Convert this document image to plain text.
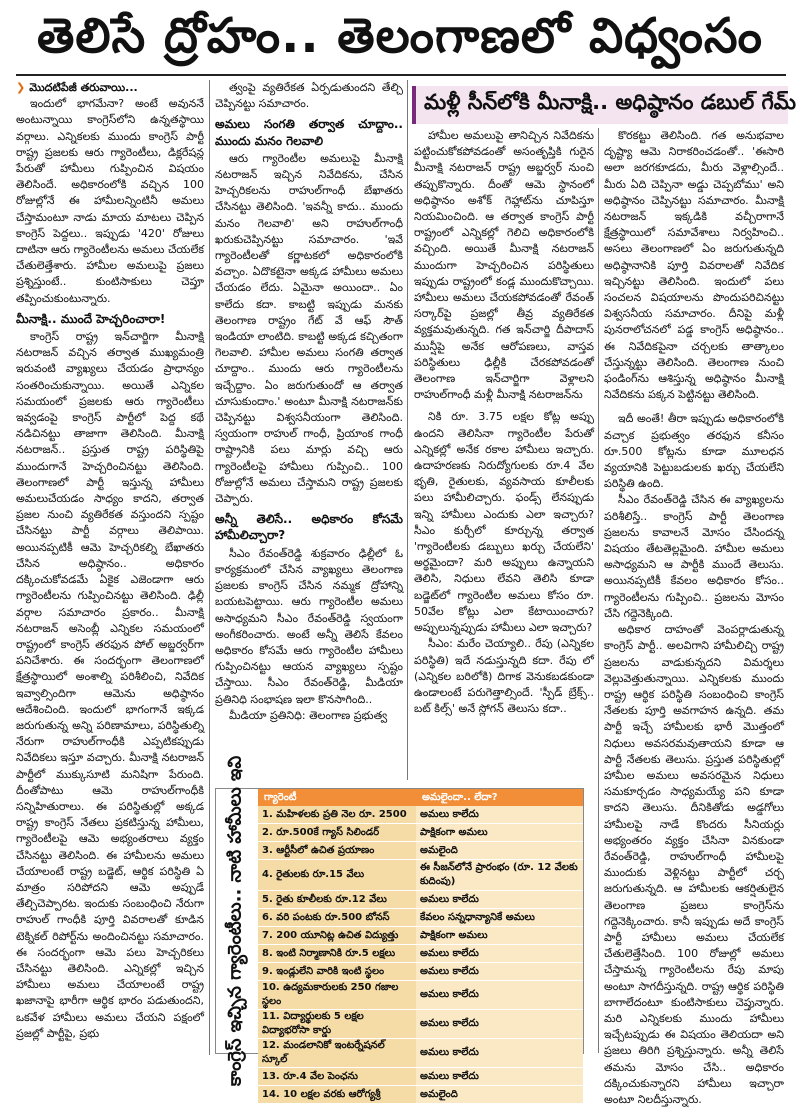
తెలిసే ద్రోహం.. తెలంగాణలో విధ్వంసం
❯ మొదటిపేజీ తరువాయి...

ఇందులో భాగమేనా? అంటే అవుననే అంటున్నాయి కాంగ్రెస్‌లోని ఉన్నతస్థాయి వర్గాలు. ఎన్నికలకు ముందు కాంగ్రెస్ పార్టీ రాష్ట్ర ప్రజలకు ఆరు గ్యారెంటీలు, డిక్లరేషన్ల పేరుతో హామీలు గుప్పించిన విషయం తెలిసిందే. అధికారంలోకి వచ్చిన 100 రోజుల్లోనే ఈ హామీలన్నింటినీ అమలు చేస్తామంటూ నాడు మాయ మాటలు చెప్పిన కాంగ్రెస్ పెద్దలు.. ఇప్పుడు '420' రోజులు దాటినా ఆరు గ్యారెంటీలను అమలు చేయలేక చేతులెత్తేశారు. హామీల అమలుపై ప్రజలు ప్రశ్నిస్తుంటే.. కుంటిసాకులు చెప్తూ తప్పించుకుంటున్నారు.

మీనాక్షి.. ముందే హెచ్చరించారా!

కాంగ్రెస్ రాష్ట్ర ఇన్‌చార్జిగా మీనాక్షి నటరాజన్ వచ్చిన తర్వాత ముఖ్యమంత్రి ఇరువంటి వ్యాఖ్యలు చేయడం ప్రాధాన్యం సంతరించుకున్నాయి. అయితే ఎన్నికల సమయంలో ప్రజలకు ఆరు గ్యారెంటీలు ఇవ్వడంపై కాంగ్రెస్ పార్టీలో పెద్ద కథే నడిచినట్టు తాజాగా తెలిసింది. మీనాక్షి నటరాజన్.. ప్రస్తుత రాష్ట్ర పరిస్థితిపై ముందుగానే హెచ్చరించినట్టు తెలిసింది. తెలంగాణలో పార్టీ ఇస్తున్న హామీలు అమలుచేయడం సాధ్యం కాదని, తర్వాత ప్రజల నుంచి వ్యతిరేకత వస్తుందని స్పష్టం చేసినట్టు పార్టీ వర్గాలు తెలిపాయి. అయినప్పటికీ ఆమె హెచ్చరికల్ని బేఖాతరు చేసిన అధిష్ఠానం.. అధికారం దక్కించుకోవడమే ఏకైక ఎజెండాగా ఆరు గ్యారెంటీలను గుప్పించినట్టు తెలిసింది. ఢిల్లీ వర్గాల సమాచారం ప్రకారం.. మీనాక్షి నటరాజన్ అసెంబ్లీ ఎన్నికల సమయంలో రాష్ట్రంలో కాంగ్రెస్ తరఫున పోల్ అబ్జర్వర్‌గా పనిచేశారు. ఈ సందర్భంగా తెలంగాణలో క్షేత్రస్థాయిలో అంశాల్ని పరిశీలించి, నివేదిక ఇవ్వాల్సిందిగా ఆమెను అధిష్ఠానం ఆదేశించింది. ఇందులో భాగంగానే ఇక్కడ జరుగుతున్న అన్ని పరిణామాలు, పరిస్థితుల్ని నేరుగా రాహుల్‌గాంధీకి ఎప్పటికప్పుడు నివేదికలు ఇస్తూ వచ్చారు. మీనాక్షి నటరాజన్ పార్టీలో ముక్కుసూటి మనిషిగా పేరుంది. దీంతోపాటు ఆమె రాహుల్‌గాంధీకి సన్నిహితురాలు. ఈ పరిస్థితుల్లో అక్కడ రాష్ట్ర కాంగ్రెస్ నేతలు ప్రకటిస్తున్న హామీలు, గ్యారెంటీలపై ఆమె అభ్యంతరాలు వ్యక్తం చేసినట్టు తెలిసింది. ఈ హామీలను అమలు చేయాలంటే రాష్ట్ర బడ్జెట్, ఆర్థిక పరిస్థితి ఏ మాత్రం సరిపోదని ఆమె అప్పుడే తేల్చిచెప్పారట. ఇందుకు సంబంధించి నేరుగా రాహుల్ గాంధీకి పూర్తి వివరాలతో కూడిన టెక్నికల్ రిపోర్ట్‌ను అందించినట్టు సమాచారం. ఈ సందర్భంగా ఆమె పలు హెచ్చరికలు చేసినట్టు తెలిసింది. ఎన్నికల్లో ఇచ్చిన హామీలు అమలు చేయాలంటే రాష్ట్ర ఖజానాపై భారీగా ఆర్థిక భారం పడుతుందని, ఒకవేళ హామీలు అమలు చేయని పక్షంలో ప్రజల్లో పార్టీపై, ప్రభు

త్వంపై వ్యతిరేకత ఏర్పడుతుందని తేల్చి చెప్పినట్టు సమాచారం.

అమలు సంగతి తర్వాత చూద్దాం.. ముందు మనం గెలవాలి

ఆరు గ్యారెంటీల అమలుపై మీనాక్షి నటరాజన్ ఇచ్చిన నివేదికను, చేసిన హెచ్చరికలను రాహుల్‌గాంధీ బేఖాతరు చేసినట్టు తెలిసింది. 'ఇవన్నీ కాదు.. ముందు మనం గెలవాలి' అని రాహుల్‌గాంధీ ఖరుకుచెప్పినట్టు సమాచారం. 'ఇవే గ్యారెంటీలతో కర్ణాటకలో అధికారంలోకి వచ్చాం. ఏదొకటైనా అక్కడ హామీలు అమలు చేయడం లేదు. ఏమైనా అయిందా.. ఏం కాలేదు కదా. కాబట్టి ఇప్పుడు మనకు తెలంగాణ రాష్ట్రం గేట్ వే ఆఫ్ సౌత్ ఇండియా లాంటిది. కాబట్టి అక్కడ కచ్చితంగా గెలవాలి. హామీల అమలు సంగతి తర్వాత చూద్దాం.. ముందు ఆరు గ్యారెంటీలను ఇచ్చేద్దాం. ఏం జరుగుతుందో ఆ తర్వాత చూసుకుందాం.' అంటూ మీనాక్షి నటరాజన్‌కు చెప్పినట్టు విశ్వసనీయంగా తెలిసింది. స్వయంగా రాహుల్ గాంధీ, ప్రియాంక గాంధీ రాష్ట్రానికి పలు మార్లు వచ్చి ఆరు గ్యారెంటీలపై హామీలు గుప్పించి.. 100 రోజుల్లోనే అమలు చేస్తామని రాష్ట్ర ప్రజలకు చెప్పారు.

అన్నీ తెలిసే.. అధికారం కోసమే హామీలిచ్చారా?

సీఎం రేవంత్‌రెడ్డి శుక్రవారం ఢిల్లీలో ఓ కార్యక్రమంలో చేసిన వ్యాఖ్యలు తెలంగాణ ప్రజలకు కాంగ్రెస్ చేసిన నమ్మక ద్రోహాన్ని బయటపెట్టాయి. ఆరు గ్యారెంటీల అమలు అసాధ్యమని సీఎం రేవంత్‌రెడ్డి స్వయంగా అంగీకరించారు. అంటే అన్నీ తెలిసే కేవలం అధికారం కోసమే ఆరు గ్యారెంటీల హామీలు గుప్పించినట్టు ఆయన వ్యాఖ్యలు స్పష్టం చేస్తాయి. సీఎం రేవంత్‌రెడ్డి, మీడియా ప్రతినిధి సంభాషణ ఇలా కొనసాగింది..

మీడియా ప్రతినిధి: తెలంగాణ ప్రభుత్వ

మళ్లీ సీన్‌లోకి మీనాక్షి.. అధిష్ఠానం డబుల్ గేమ్

హామీల అమలుపై తానిచ్చిన నివేదికను పట్టించుకోకపోవడంతో అసంతృప్తికి గురైన మీనాక్షి నటరాజన్ రాష్ట్ర అబ్జర్వర్ నుంచి తప్పుకొన్నారు. దీంతో ఆమె స్థానంలో అధిష్ఠానం అశోక్ గెహ్లాట్‌ను చూపిస్తూ నియమించింది. ఆ తర్వాత కాంగ్రెస్ పార్టీ రాష్ట్రంలో ఎన్నికల్లో గెలిచి అధికారంలోకి వచ్చింది. అయితే మీనాక్షి నటరాజన్ ముందుగా హెచ్చరించిన పరిస్థితులు ఇప్పుడు రాష్ట్రంలో కండ్ల ముందుకొచ్చాయి. హామీలు అమలు చేయకపోవడంతో రేవంత్ సర్కార్‌పై ప్రజల్లో తీవ్ర వ్యతిరేకత వ్యక్తమవుతున్నది. గత ఇన్‌చార్జి దీపాదాస్ మున్షీపై అనేక ఆరోపణలు, వాస్తవ పరిస్థితులు ఢిల్లీకి చేరకపోవడంతో తెలంగాణ ఇన్‌చార్జిగా వెళ్లాలని రాహుల్‌గాంధీ మళ్లీ మీనాక్షి నటరాజన్‌ను

నికి రూ. 3.75 లక్షల కోట్ల అప్పు ఉందని తెలిసినా గ్యారెంటీల పేరుతో ఎన్నికల్లో అనేక రకాల హామీలు ఇచ్చారు. ఉదాహరణకు నిరుద్యోగులకు రూ.4 వేల భృతి, రైతులకు, వ్యవసాయ కూలీలకు పలు హామీలిచ్చారు. ఫండ్స్ లేనప్పుడు ఇన్ని హామీలు ఎందుకు ఎలా ఇచ్చారు? సీఎం కుర్చీలో కూర్చున్న తర్వాత 'గ్యారెంటీలకు డబ్బులు ఖర్చు చేయలేని' అర్థమైందా? మరి అప్పులు ఉన్నాయని తెలిసి, నిధులు లేవని తెలిసి కూడా బడ్జెట్‌లో గ్యారెంటీల అమలు కోసం రూ. 50వేల కోట్లు ఎలా కేటాయించారు? అప్పులున్నప్పుడు హామీలు ఎలా ఇచ్చారు?

సీఎం: మరేం చెయ్యాలి.. రేపు (ఎన్నికల పరిస్థితి) ఇదే నడుస్తున్నది కదా. రేపు లో (ఎన్నికల బరిలోకి) దిగాక వెనుకబడకుండా ఉండాలంటే పరుగెత్తాల్సిందే. 'స్పీడ్ బ్రేక్స్.. బట్ కిల్స్' అనే స్లోగన్ తెలుసు కదా..

కొరకట్టు తెలిసింది. గత అనుభవాల దృష్ట్యా ఆమె నిరాకరించడంతో.. 'ఈసారి అలా జరగకూడదు, మీరు వెళ్లాల్సిందే.. మీరు ఏది చెప్పినా అడ్డు చెప్పబోము' అని అధిష్ఠానం చెప్పినట్టు సమాచారం. మీనాక్షి నటరాజన్ ఇక్కడికి వచ్చీరాగానే క్షేత్రస్థాయిలో సమావేశాలు నిర్వహించి.. అసలు తెలంగాణలో ఏం జరుగుతున్నది అధిష్ఠానానికి పూర్తి వివరాలతో నివేదిక ఇచ్చినట్టు తెలిసింది. ఇందులో పలు సంచలన విషయాలను పొందుపరిచినట్టు విశ్వసనీయ సమాచారం. దీనిపై మళ్లీ పునరాలోచనలో పడ్డ కాంగ్రెస్ అధిష్ఠానం.. ఈ నివేదికపైనా చర్చలకు తాత్కాలం చేస్తున్నట్టు తెలిసింది. తెలంగాణ నుంచి ఫండింగ్‌ను ఆశిస్తున్న అధిష్ఠానం మీనాక్షి నివేదికను పక్కన పెట్టినట్టు తెలిసింది.

ఇదీ అంతే! తీరా ఇప్పుడు అధికారంలోకి వచ్చాక ప్రభుత్వం తరఫున కనీసం రూ.500 కోట్లను కూడా మూలధన వ్యయానికి పెట్టుబడులకు ఖర్చు చేయలేని పరిస్థితి ఉంది.

సీఎం రేవంత్‌రెడ్డి చేసిన ఈ వ్యాఖ్యలను పరిశీలిస్తే.. కాంగ్రెస్ పార్టీ తెలంగాణ ప్రజలను కావాలనే మోసం చేసిందన్న విషయం తేటతెల్లమైంది. హామీల అమలు అసాధ్యమని ఆ పార్టీకి ముందే తెలుసు. అయినప్పటికీ కేవలం అధికారం కోసం.. గ్యారెంటీలను గుప్పించి.. ప్రజలను మోసం చేసి గద్దెనెక్కింది.

అధికార దాహంతో వెంపర్లాడుతున్న కాంగ్రెస్ పార్టీ.. అలవిగాని హామీలిచ్చి రాష్ట్ర ప్రజలను వాడుకున్నదని విమర్శలు వెల్లువెత్తుతున్నాయి. ఎన్నికలకు ముందు రాష్ట్ర ఆర్థిక పరిస్థితి సంబంధించి కాంగ్రెస్ నేతలకు పూర్తి అవగాహన ఉన్నది. తమ పార్టీ ఇచ్చే హామీలకు భారీ మొత్తంలో నిధులు అవసరమవుతాయని కూడా ఆ పార్టీ నేతలకు తెలుసు. ప్రస్తుత పరిస్థితుల్లో హామీల అమలు అవసరమైన నిధులు సమకూర్చడం సాధ్యమయ్యే పని కూడా కాదని తెలుసు. దీనికితోడు అడ్డగోలు హామీలపై నాడే కొందరు సీనియర్లు అభ్యంతరం వ్యక్తం చేసినా వినకుండా రేవంత్‌రెడ్డి, రాహుల్‌గాంధీ హామీలపై ముందుకు వెళ్లినట్టు పార్టీలో చర్చ జరుగుతున్నది. ఆ హామీలకు ఆకర్షితులైన తెలంగాణ ప్రజలు కాంగ్రెస్‌ను గద్దెనెక్కించారు. కానీ ఇప్పుడు అదే కాంగ్రెస్ పార్టీ హామీలు అమలు చేయలేక చేతులెత్తేసింది. 100 రోజుల్లో అమలు చేస్తామన్న గ్యారెంటీలను రేపు మాపు అంటూ సాగదీస్తున్నది. రాష్ట్ర ఆర్థిక పరిస్థితి బాగాలేదంటూ కుంటిసాకులు చెప్తున్నారు. మరి ఎన్నికలకు ముందు హామీలు ఇచ్చేటప్పుడు ఈ విషయం తెలియదా అని ప్రజలు తిరిగి ప్రశ్నిస్తున్నారు. అన్నీ తెలిసే తమను మోసం చేసి.. అధికారం దక్కించుకున్నారని హామీలు ఇచ్చారా అంటూ నిలదీస్తున్నారు.

కాంగ్రెస్ ఇచ్చిన గ్యారెంటీలు.. నాటి హామీలు ఇవి	గ్యారెంటీ	అమలైందా.. లేదా?
1. మహిళలకు ప్రతి నెల రూ. 2500	అమలు కాలేదు
2. రూ.500కే గ్యాస్ సిలిండర్	పాక్షికంగా అమలు
3. ఆర్టీసీలో ఉచిత ప్రయాణం	అమలైంది
4. రైతులకు రూ.15 వేలు	ఈ సీజన్‌లోనే ప్రారంభం (రూ. 12 వేలకు కుదింపు)
5. రైతు కూలీలకు రూ.12 వేలు	అమలు కాలేదు
6. వరి పంటకు రూ.500 బోనస్	కేవలం సన్నధాన్యానికే అమలు
7. 200 యూనిట్ల ఉచిత విద్యుత్తు	పాక్షికంగా అమలు
8. ఇంటి నిర్మాణానికి రూ.5 లక్షలు	అమలు కాలేదు
9. ఇండ్లులేని వారికి ఇంటి స్థలం	అమలు కాలేదు
10. ఉద్యమకారులకు 250 గజాల స్థలం	అమలు కాలేదు
11. విద్యార్థులకు 5 లక్షల విద్యాభరోసా కార్డు	అమలు కాలేదు
12. మండలానికో ఇంటర్నేషనల్ స్కూల్	అమలు కాలేదు
13. రూ.4 వేల పెంఛను	అమలు కాలేదు
14. 10 లక్షల వరకు ఆరోగ్యశ్రీ	అమలైంది
